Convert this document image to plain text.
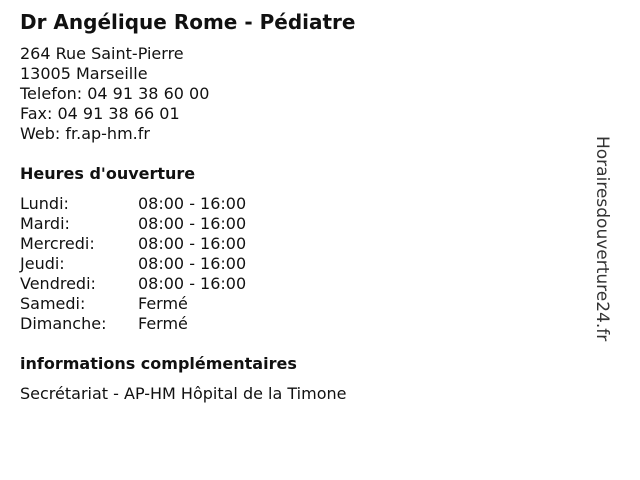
Dr Angélique Rome - Pédiatre
264 Rue Saint-Pierre
13005 Marseille
Telefon: 04 91 38 60 00
Fax: 04 91 38 66 01
Web: fr.ap-hm.fr
Heures d'ouverture
Lundi:	08:00 - 16:00
Mardi:	08:00 - 16:00
Mercredi:	08:00 - 16:00
Jeudi:	08:00 - 16:00
Vendredi:	08:00 - 16:00
Samedi:	Fermé
Dimanche:	Fermé
informations complémentaires
Secrétariat - AP-HM Hôpital de la Timone
Horairesdouverture24.fr
